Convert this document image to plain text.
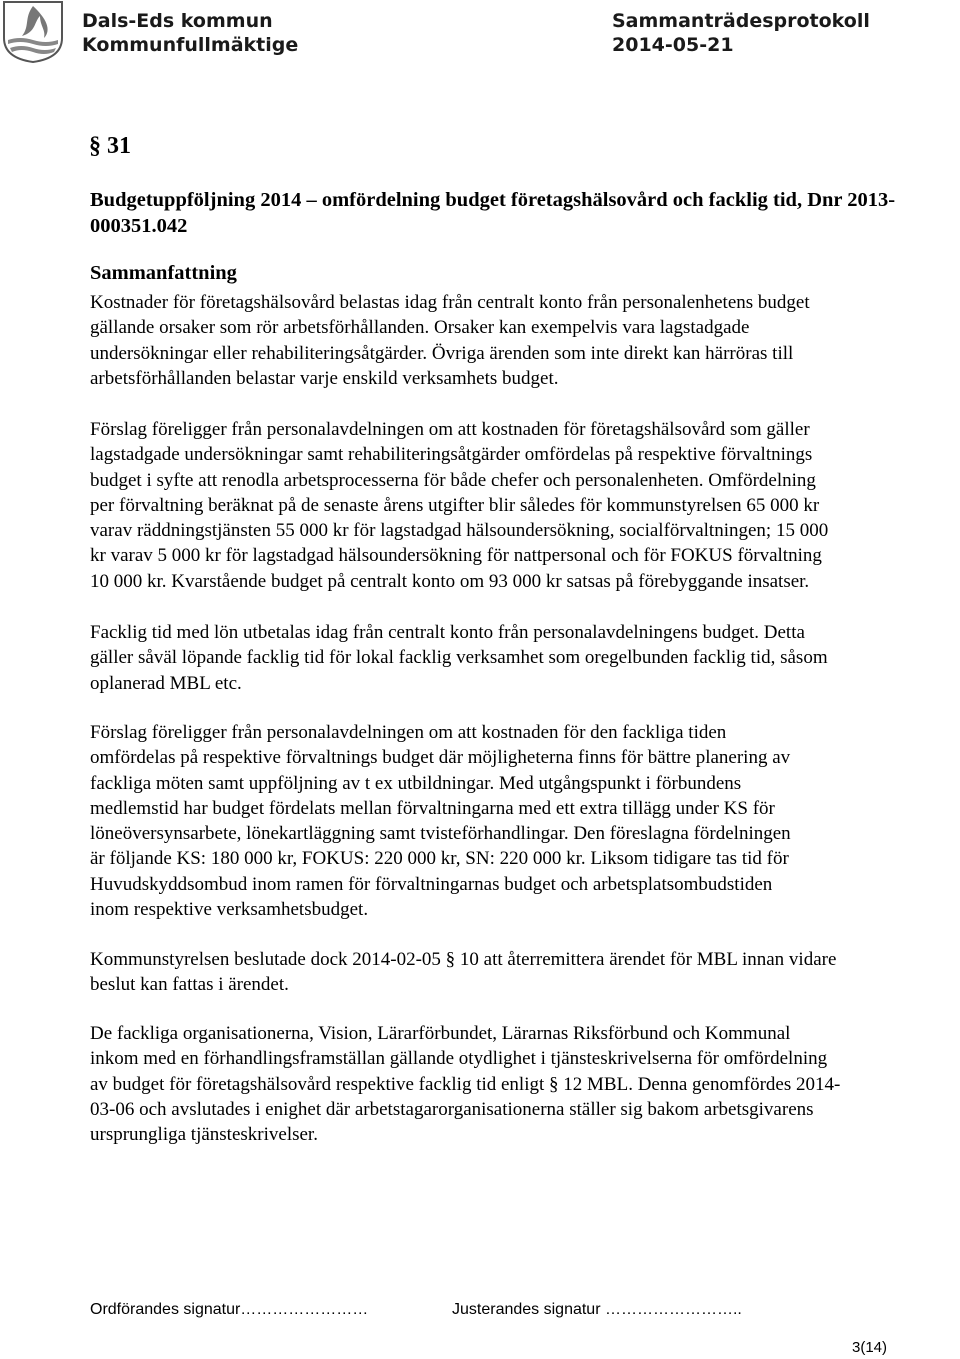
Dals-Eds kommun
Kommunfullmäktige
Sammanträdesprotokoll
2014-05-21
§ 31
Budgetuppföljning 2014 – omfördelning budget företagshälsovård och facklig tid, Dnr 2013-
000351.042
Sammanfattning
Kostnader för företagshälsovård belastas idag från centralt konto från personalenhetens budget
gällande orsaker som rör arbetsförhållanden. Orsaker kan exempelvis vara lagstadgade
undersökningar eller rehabiliteringsåtgärder. Övriga ärenden som inte direkt kan härröras till
arbetsförhållanden belastar varje enskild verksamhets budget.
Förslag föreligger från personalavdelningen om att kostnaden för företagshälsovård som gäller
lagstadgade undersökningar samt rehabiliteringsåtgärder omfördelas på respektive förvaltnings
budget i syfte att renodla arbetsprocesserna för både chefer och personalenheten. Omfördelning
per förvaltning beräknat på de senaste årens utgifter blir således för kommunstyrelsen 65 000 kr
varav räddningstjänsten 55 000 kr för lagstadgad hälsoundersökning, socialförvaltningen; 15 000
kr varav 5 000 kr för lagstadgad hälsoundersökning för nattpersonal och för FOKUS förvaltning
10 000 kr. Kvarstående budget på centralt konto om 93 000 kr satsas på förebyggande insatser.
Facklig tid med lön utbetalas idag från centralt konto från personalavdelningens budget. Detta
gäller såväl löpande facklig tid för lokal facklig verksamhet som oregelbunden facklig tid, såsom
oplanerad MBL etc.
Förslag föreligger från personalavdelningen om att kostnaden för den fackliga tiden
omfördelas på respektive förvaltnings budget där möjligheterna finns för bättre planering av
fackliga möten samt uppföljning av t ex utbildningar. Med utgångspunkt i förbundens
medlemstid har budget fördelats mellan förvaltningarna med ett extra tillägg under KS för
löneöversynsarbete, lönekartläggning samt tvisteförhandlingar. Den föreslagna fördelningen
är följande KS: 180 000 kr, FOKUS: 220 000 kr, SN: 220 000 kr. Liksom tidigare tas tid för
Huvudskyddsombud inom ramen för förvaltningarnas budget och arbetsplatsombudstiden
inom respektive verksamhetsbudget.
Kommunstyrelsen beslutade dock 2014-02-05 § 10 att återremittera ärendet för MBL innan vidare
beslut kan fattas i ärendet.
De fackliga organisationerna, Vision, Lärarförbundet, Lärarnas Riksförbund och Kommunal
inkom med en förhandlingsframställan gällande otydlighet i tjänsteskrivelserna för omfördelning
av budget för företagshälsovård respektive facklig tid enligt § 12 MBL. Denna genomfördes 2014-
03-06 och avslutades i enighet där arbetstagarorganisationerna ställer sig bakom arbetsgivarens
ursprungliga tjänsteskrivelser.
Ordförandes signatur……………………	Justerandes signatur ……………………..
3(14)
